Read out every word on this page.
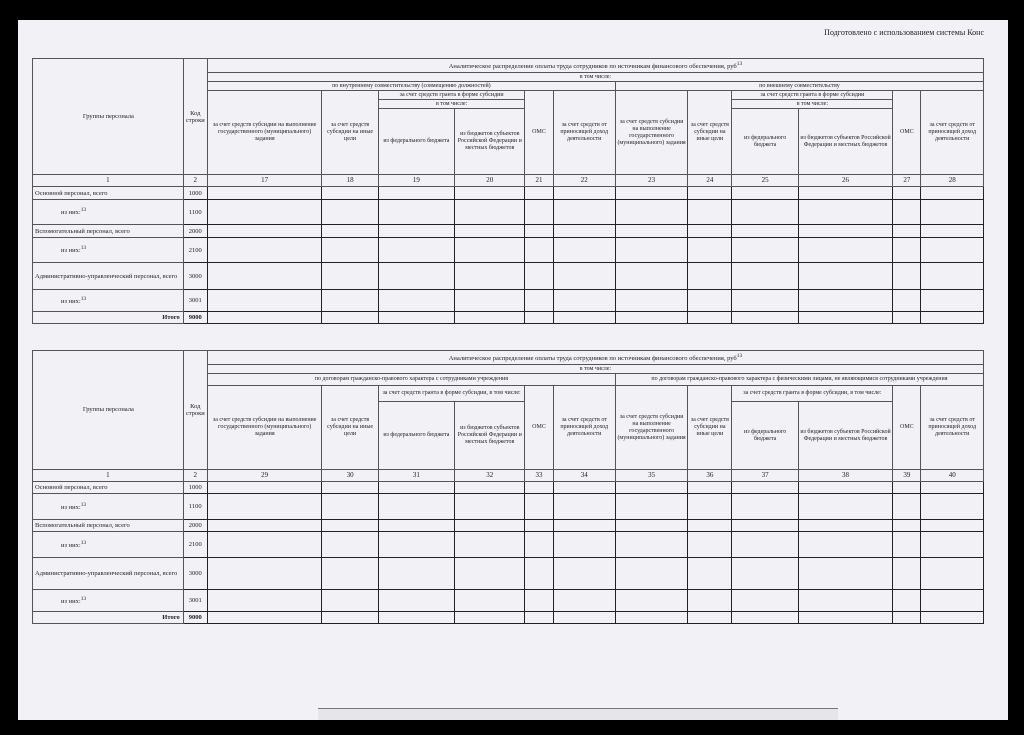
Подготовлено с использованием системы Конс
Группы персонала	Код строки	Аналитическое распределение оплаты труда сотрудников по источникам финансового обеспечения, руб$^{13}$
		в том числе:											
		по внутреннему совместительству (совмещению должностей)						по внешнему совместительству					
		за счет средств субсидии на выполнение государственного (муниципального) задания	за счет средств субсидии на иные цели	за счет средств гранта в форме субсидии		ОМС	за счет средств от приносящей доход деятельности	за счет средств субсидии на выполнение государственного (муниципального) задания	за счет средств субсидии на иные цели	за счет средств гранта в форме субсидии		ОМС	за счет средств от приносящей доход деятельности
				в том числе:						в том числе:			
				из федерального бюджета	из бюджетов субъектов Российской Федерации и местных бюджетов					из федерального бюджета	из бюджетов субъектов Российской Федерации и местных бюджетов		
1	2	17	18	19	20	21	22	23	24	25	26	27	28
Основной персонал, всего	1000												
из них:$^{13}$	1100												
Вспомогательный персонал, всего	2000												
из них:$^{13}$	2100												
Административно-управленческий персонал, всего	3000												
из них:$^{13}$	3001												
Итого	9000												
Группы персонала	Код строки	Аналитическое распределение оплаты труда сотрудников по источникам финансового обеспечения, руб$^{13}$
		в том числе:											
		по договорам гражданско-правового характера с сотрудниками учреждения						по договорам гражданско-правового характера с физическими лицами, не являющимися сотрудниками учреждения					
		за счет средств субсидии на выполнение государственного (муниципального) задания	за счет средств субсидии на иные цели	за счет средств гранта в форме субсидии, в том числе:		ОМС	за счет средств от приносящей доход деятельности	за счет средств субсидии на выполнение государственного (муниципального) задания	за счет средств субсидии на иные цели	за счет средств гранта в форме субсидии, в том числе:		ОМС	за счет средств от приносящей доход деятельности

				из федерального бюджета	из бюджетов субъектов Российской Федерации и местных бюджетов					из федерального бюджета	из бюджетов субъектов Российской Федерации и местных бюджетов		
1	2	29	30	31	32	33	34	35	36	37	38	39	40
Основной персонал, всего	1000												
из них:$^{13}$	1100												
Вспомогательный персонал, всего	2000												
из них:$^{13}$	2100												
Административно-управленческий персонал, всего	3000												
из них:$^{13}$	3001												
Итого	9000												
